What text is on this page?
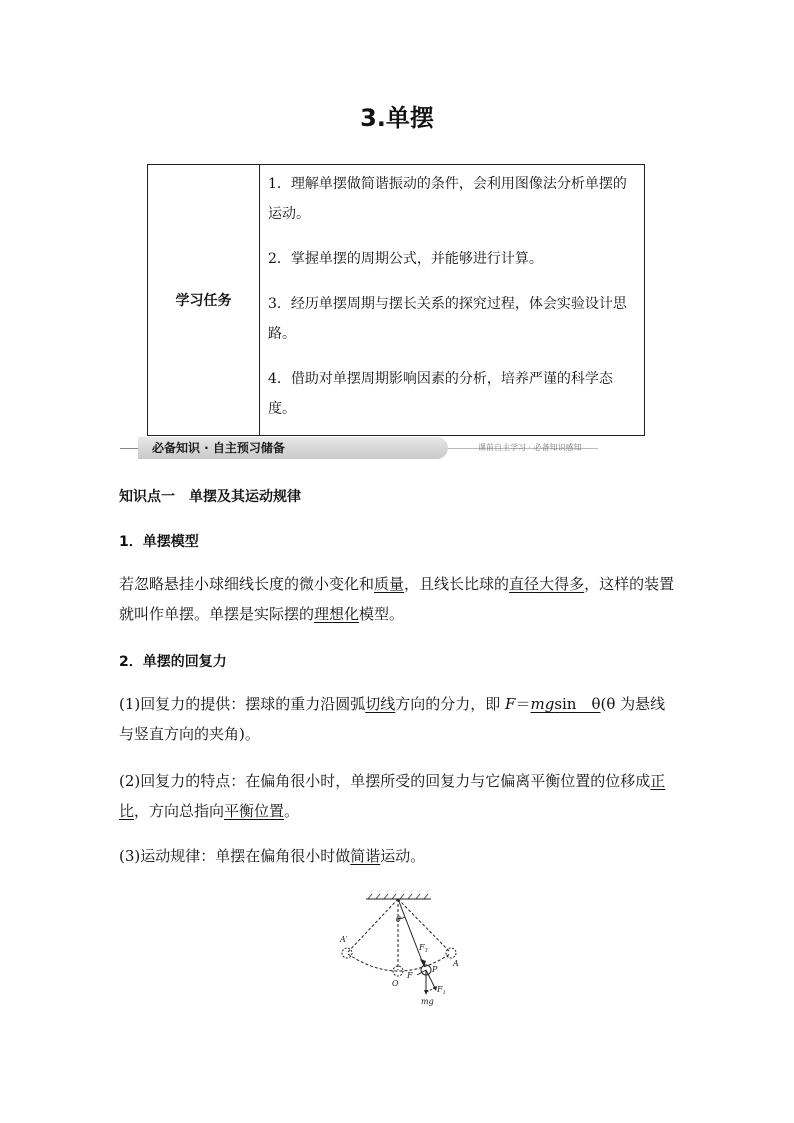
3.单摆
学习任务
1．理解单摆做简谐振动的条件，会利用图像法分析单摆的运动。
2．掌握单摆的周期公式，并能够进行计算。
3．经历单摆周期与摆长关系的探究过程，体会实验设计思路。
4．借助对单摆周期影响因素的分析，培养严谨的科学态度。
必备知识 · 自主预习储备	课前自主学习 · 必备知识感知
知识点一　单摆及其运动规律
1．单摆模型
若忽略悬挂小球细线长度的微小变化和质量，且线长比球的直径大得多，这样的装置就叫作单摆。单摆是实际摆的理想化模型。
2．单摆的回复力
(1)回复力的提供：摆球的重力沿圆弧切线方向的分力，即 F＝mgsin　θ(θ 为悬线与竖直方向的夹角)。
(2)回复力的特点：在偏角很小时，单摆所受的回复力与它偏离平衡位置的位移成正比，方向总指向平衡位置。
(3)运动规律：单摆在偏角很小时做简谐运动。
θ
$F_T$
A′
A
O
P
F
$F_1$
mg
